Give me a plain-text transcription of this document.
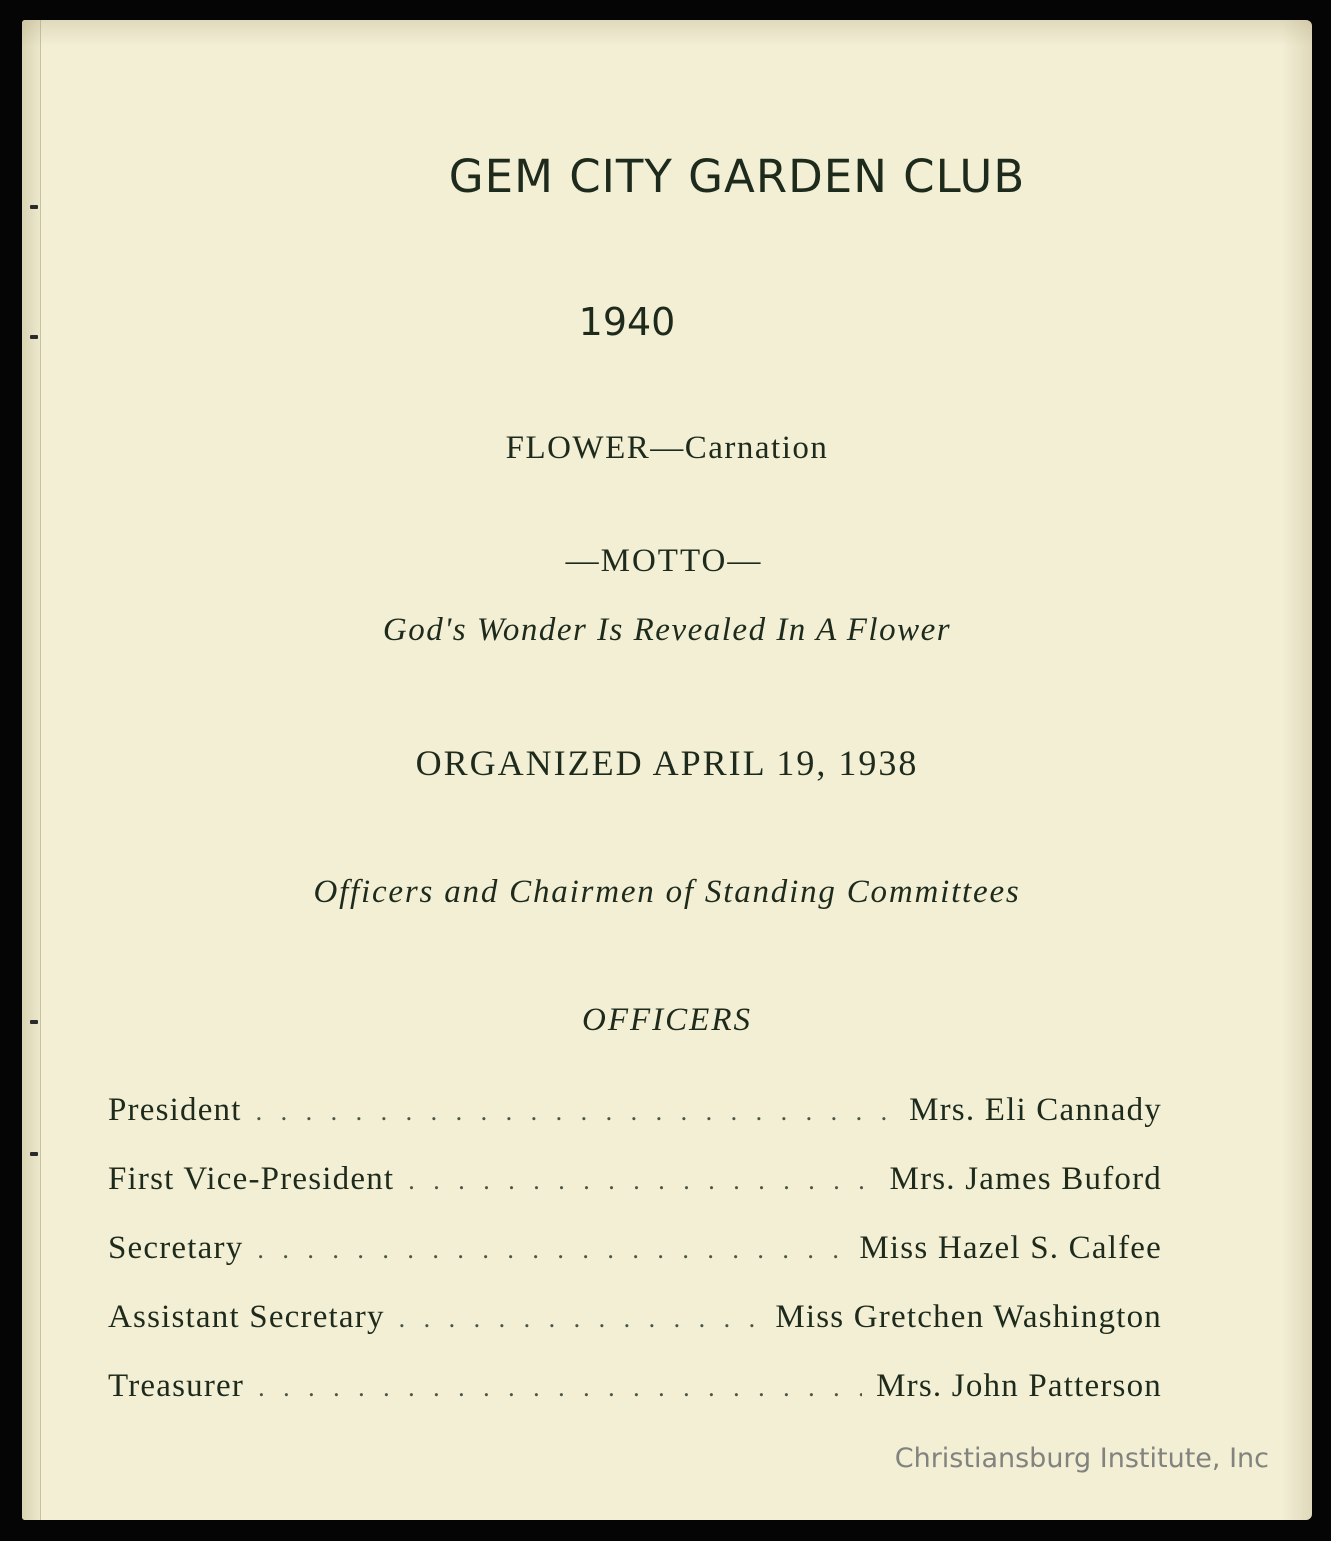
GEM CITY GARDEN CLUB
1940
FLOWER—Carnation
—MOTTO—
God's Wonder Is Revealed In A Flower
ORGANIZED APRIL 19, 1938
Officers and Chairmen of Standing Committees
OFFICERS
President . . .	Mrs. Eli Cannady
First Vice-President . . .	Mrs. James Buford
Secretary . . .	Miss Hazel S. Calfee
Assistant Secretary . . .	Miss Gretchen Washington
Treasurer . . .	Mrs. John Patterson
Christiansburg Institute, Inc
